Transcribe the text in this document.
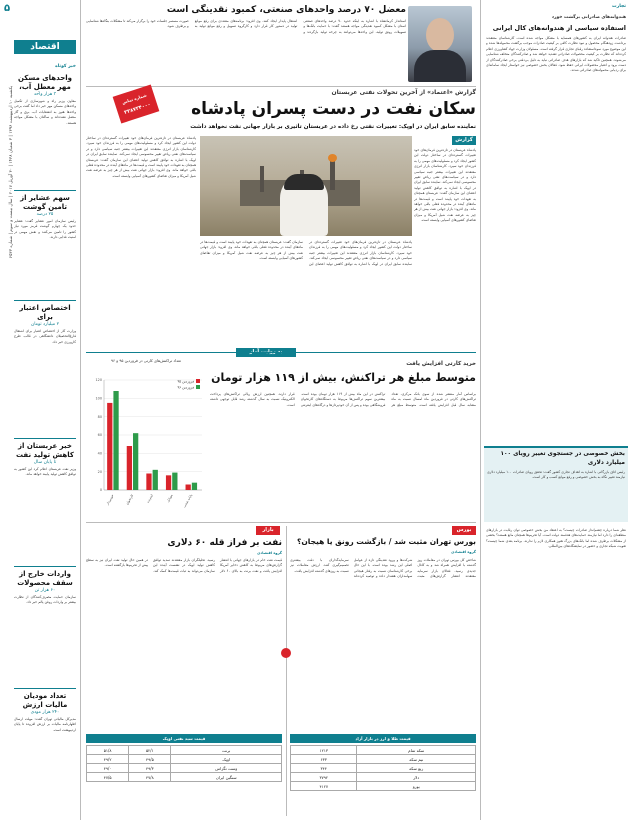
۵
یکشنبه ۱۰ اردیبهشت ۱۳۹۶ | ۳ شعبان ۱۴۳۸ | ۳۰ آوریل ۲۰۱۷ | سال بیست و سوم | شماره ۶۵۳۳
اقتصاد
خبر کوتاه
واحدهای مسکن مهر معطل آب،
۳ هزار واحد
معاون وزیر راه و شهرسازی از تکمیل واحدهای مسکن مهر خبر داد اما گفت برخی واحدها هنوز به انشعابات آب، برق و گاز متصل نشده‌اند و ساکنان با مشکل مواجه هستند.
سهم عشایر از تامین گوشت
۲۵ درصد
رئیس سازمان امور عشایر گفت: عشایر حدود یک چهارم گوشت قرمز مورد نیاز کشور را تامین می‌کنند و نقش مهمی در امنیت غذایی دارند.
اختصاص اعتبار برای
۲ میلیارد تومان
وزارت کار از اختصاص اعتبار برای اشتغال فارغ‌التحصیلان دانشگاهی در قالب طرح کارورزی خبر داد.
خبر عربستان از کاهش تولید نفت
تا پایان سال
وزیر نفت عربستان اعلام کرد این کشور به توافق کاهش تولید پایبند خواهد ماند.
واردات خارج از سقف محصولات
۶۰ هزار تن
سازمان حمایت مصرف‌کنندگان از نظارت بیشتر بر واردات روغن پالم خبر داد.
تعداد مودیان مالیات ارزش
۲۴۰ هزار مودی
مدیرکل مالیاتی تهران گفت: مهلت ارسال اظهارنامه مالیات بر ارزش افزوده تا پایان اردیبهشت است.
معضل ۷۰ درصد واحدهای صنعتی، کمبود نقدینگی است
استاندار کرمانشاه با اشاره به اینکه حدود ۷۰ درصد واحدهای صنعتی استان با مشکل کمبود نقدینگی مواجه هستند گفت: با حمایت بانک‌ها و تسهیلات رونق تولید، این واحدها می‌توانند به چرخه تولید بازگردند و اشتغال پایدار ایجاد کنند. وی افزود: برنامه‌های متعددی برای رفع موانع تولید در دستور کار قرار دارد و کارگروه تسهیل و رفع موانع تولید به صورت مستمر جلسات خود را برگزار می‌کند تا مشکلات بنگاه‌ها شناسایی و برطرف شود.
گزارش «اعتماد» از آخرین تحولات نفتی عربستان
سکان نفت در دست پسران پادشاه
نماینده سابق ایران در اوپک: تغییرات نفتی رخ داده در عربستان تاثیری بر بازار جهانی نفت نخواهد داشت
شماره تماس
۳۳۸۷۲۴۰۰۰
گزارش
پادشاه عربستان در تازه‌ترین فرمان‌های خود تغییرات گسترده‌ای در ساختار دولت این کشور ایجاد کرد و مسئولیت‌های مهمی را به فرزندان خود سپرد. کارشناسان بازار انرژی معتقدند این تغییرات بیشتر جنبه سیاسی دارد و در سیاست‌های نفتی ریاض تغییر محسوسی ایجاد نمی‌کند. نماینده سابق ایران در اوپک با اشاره به توافق کاهش تولید اعضای این سازمان گفت: عربستان همچنان به تعهدات خود پایبند است و قیمت‌ها در ماه‌های آینده در محدوده فعلی باقی خواهد ماند. وی افزود: بازار جهانی نفت بیش از هر چیز به عرضه نفت شیل آمریکا و میزان تقاضای کشورهای آسیایی وابسته است.
پادشاه عربستان در تازه‌ترین فرمان‌های خود تغییرات گسترده‌ای در ساختار دولت این کشور ایجاد کرد و مسئولیت‌های مهمی را به فرزندان خود سپرد. کارشناسان بازار انرژی معتقدند این تغییرات بیشتر جنبه سیاسی دارد و در سیاست‌های نفتی ریاض تغییر محسوسی ایجاد نمی‌کند. نماینده سابق ایران در اوپک با اشاره به توافق کاهش تولید اعضای این سازمان گفت: عربستان همچنان به تعهدات خود پایبند است و قیمت‌ها در ماه‌های آینده در محدوده فعلی باقی خواهد ماند. وی افزود: بازار جهانی نفت بیش از هر چیز به عرضه نفت شیل آمریکا و میزان تقاضای کشورهای آسیایی وابسته است.
پادشاه عربستان در تازه‌ترین فرمان‌های خود تغییرات گسترده‌ای در ساختار دولت این کشور ایجاد کرد و مسئولیت‌های مهمی را به فرزندان خود سپرد. کارشناسان بازار انرژی معتقدند این تغییرات بیشتر جنبه سیاسی دارد و در سیاست‌های نفتی ریاض تغییر محسوسی ایجاد نمی‌کند. نماینده سابق ایران در اوپک با اشاره به توافق کاهش تولید اعضای این سازمان گفت: عربستان همچنان به تعهدات خود پایبند است و قیمت‌ها در ماه‌های آینده در محدوده فعلی باقی خواهد ماند. وی افزود: بازار جهانی نفت بیش از هر چیز به عرضه نفت شیل آمریکا و میزان تقاضای کشورهای آسیایی وابسته است.
خرید کارتی افزایش یافت
متوسط مبلغ هر تراکنش، بیش از ۱۱۹ هزار تومان
براساس آمار منتشر شده از سوی بانک مرکزی، تعداد تراکنش‌های کارتی در فروردین ماه امسال نسبت به ماه مشابه سال قبل افزایش یافته است. متوسط مبلغ هر تراکنش در این ماه بیش از ۱۱۹ هزار تومان بوده است. بیشترین سهم تراکنش‌ها مربوط به دستگاه‌های کارتخوان فروشگاهی بوده و پس از آن خودپردازها و درگاه‌های اینترنتی قرار دارند. همچنین ارزش ریالی تراکنش‌های پرداخت الکترونیک نسبت به سال گذشته رشد قابل توجهی داشته است.
تعداد تراکنش‌های کارتی در فروردین ۹۵ و ۹۶
0
20
40
60
80
100
120
خودپرداز	کارتخوان	اینترنت	موبایل	پایانه شعب
فروردین ۹۵
فروردین ۹۶
بورس
بورس تهران مثبت شد / بازگشت رونق یا هیجان؟
گروه اقتصادی
شاخص کل بورس تهران در معاملات روز گذشته با افزایش همراه شد و به کانال جدیدی رسید. فعالان بازار سرمایه معتقدند انتشار گزارش‌های مثبت شرکت‌ها و ورود نقدینگی تازه از عوامل اصلی این رشد بوده است. با این حال برخی کارشناسان نسبت به رفتار هیجانی سهامداران هشدار داده و توصیه کرده‌اند سرمایه‌گذاران با دقت بیشتری تصمیم‌گیری کنند. ارزش معاملات نیز نسبت به روزهای گذشته افزایش یافت.
قیمت طلا و ارز در بازار آزاد
سکه تمام	۱۲۱۳
نیم سکه	۶۳۳
ربع سکه	۳۴۴
دلار	۳۷۹۲
یورو	۴۱۲۷
بازار
نفت بر فراز قله ۶۰ دلاری
گروه اقتصادی
قیمت نفت خام در بازارهای جهانی با انتشار گزارش‌های مربوط به کاهش ذخایر آمریکا افزایش یافت و نفت برنت به بالای ۶۰ دلار رسید. تحلیلگران بازار معتقدند تمدید توافق کاهش تولید اوپک در نشست آینده این سازمان می‌تواند به ثبات قیمت‌ها کمک کند. در همین حال تولید نفت ایران نیز به سطح پیش از تحریم‌ها بازگشته است.
قیمت سبد نفتی اوپک
برنت	۵۲/۱	۵۱/۸
اوپک	۴۹/۵	۴۹/۲
وست تگزاس	۴۹/۳	۴۹/۰
سنگین ایران	۴۷/۸	۴۷/۵
تجارت
هندوانه‌های صادراتی برگشت خورد
استفاده سیاسی از هندوانه‌های کال ایرانی
صادرات هندوانه ایران به کشورهای همسایه با مشکل مواجه شده است. کارشناسان معتقدند برداشت زودهنگام محصول و نبود نظارت کافی بر کیفیت صادرات موجب برگشت محموله‌ها شده و این موضوع مورد سوءاستفاده رقبای تجاری قرار گرفته است. مسئولان وزارت جهاد کشاورزی اعلام کرده‌اند که نظارت بر کیفیت محصولات صادراتی تشدید خواهد شد و صادرکنندگان متخلف شناسایی می‌شوند. همچنین تاکید شد که بازارهای هدف صادراتی نباید به دلیل بی‌دقتی برخی صادرکنندگان از دست برود و اعتبار محصولات ایرانی حفظ شود. فعالان بخش خصوصی نیز خواستار ایجاد سامانه‌ای برای ردیابی محموله‌های صادراتی شدند.
بخش خصوصی در جستجوی تغییر رویای ۱۰۰ میلیارد دلاری
رئیس اتاق بازرگانی با اشاره به اهداف تجاری کشور گفت: تحقق رویای صادرات ۱۰۰ میلیارد دلاری نیازمند تغییر نگاه به بخش خصوصی و رفع موانع کسب و کار است.
نظر شما درباره چشم‌انداز صادرات چیست؟ به اعتقاد من بخش خصوصی توان رقابت در بازارهای منطقه‌ای را دارد اما نیازمند حمایت‌های هدفمند دولت است. آیا تحریم‌ها همچنان مانع هستند؟ بخشی از مشکلات برطرف شده اما بانک‌های بزرگ هنوز همکاری لازم را ندارند. برنامه بعدی شما چیست؟ تقویت شبکه تجاری و حضور در نمایشگاه‌های بین‌المللی.
